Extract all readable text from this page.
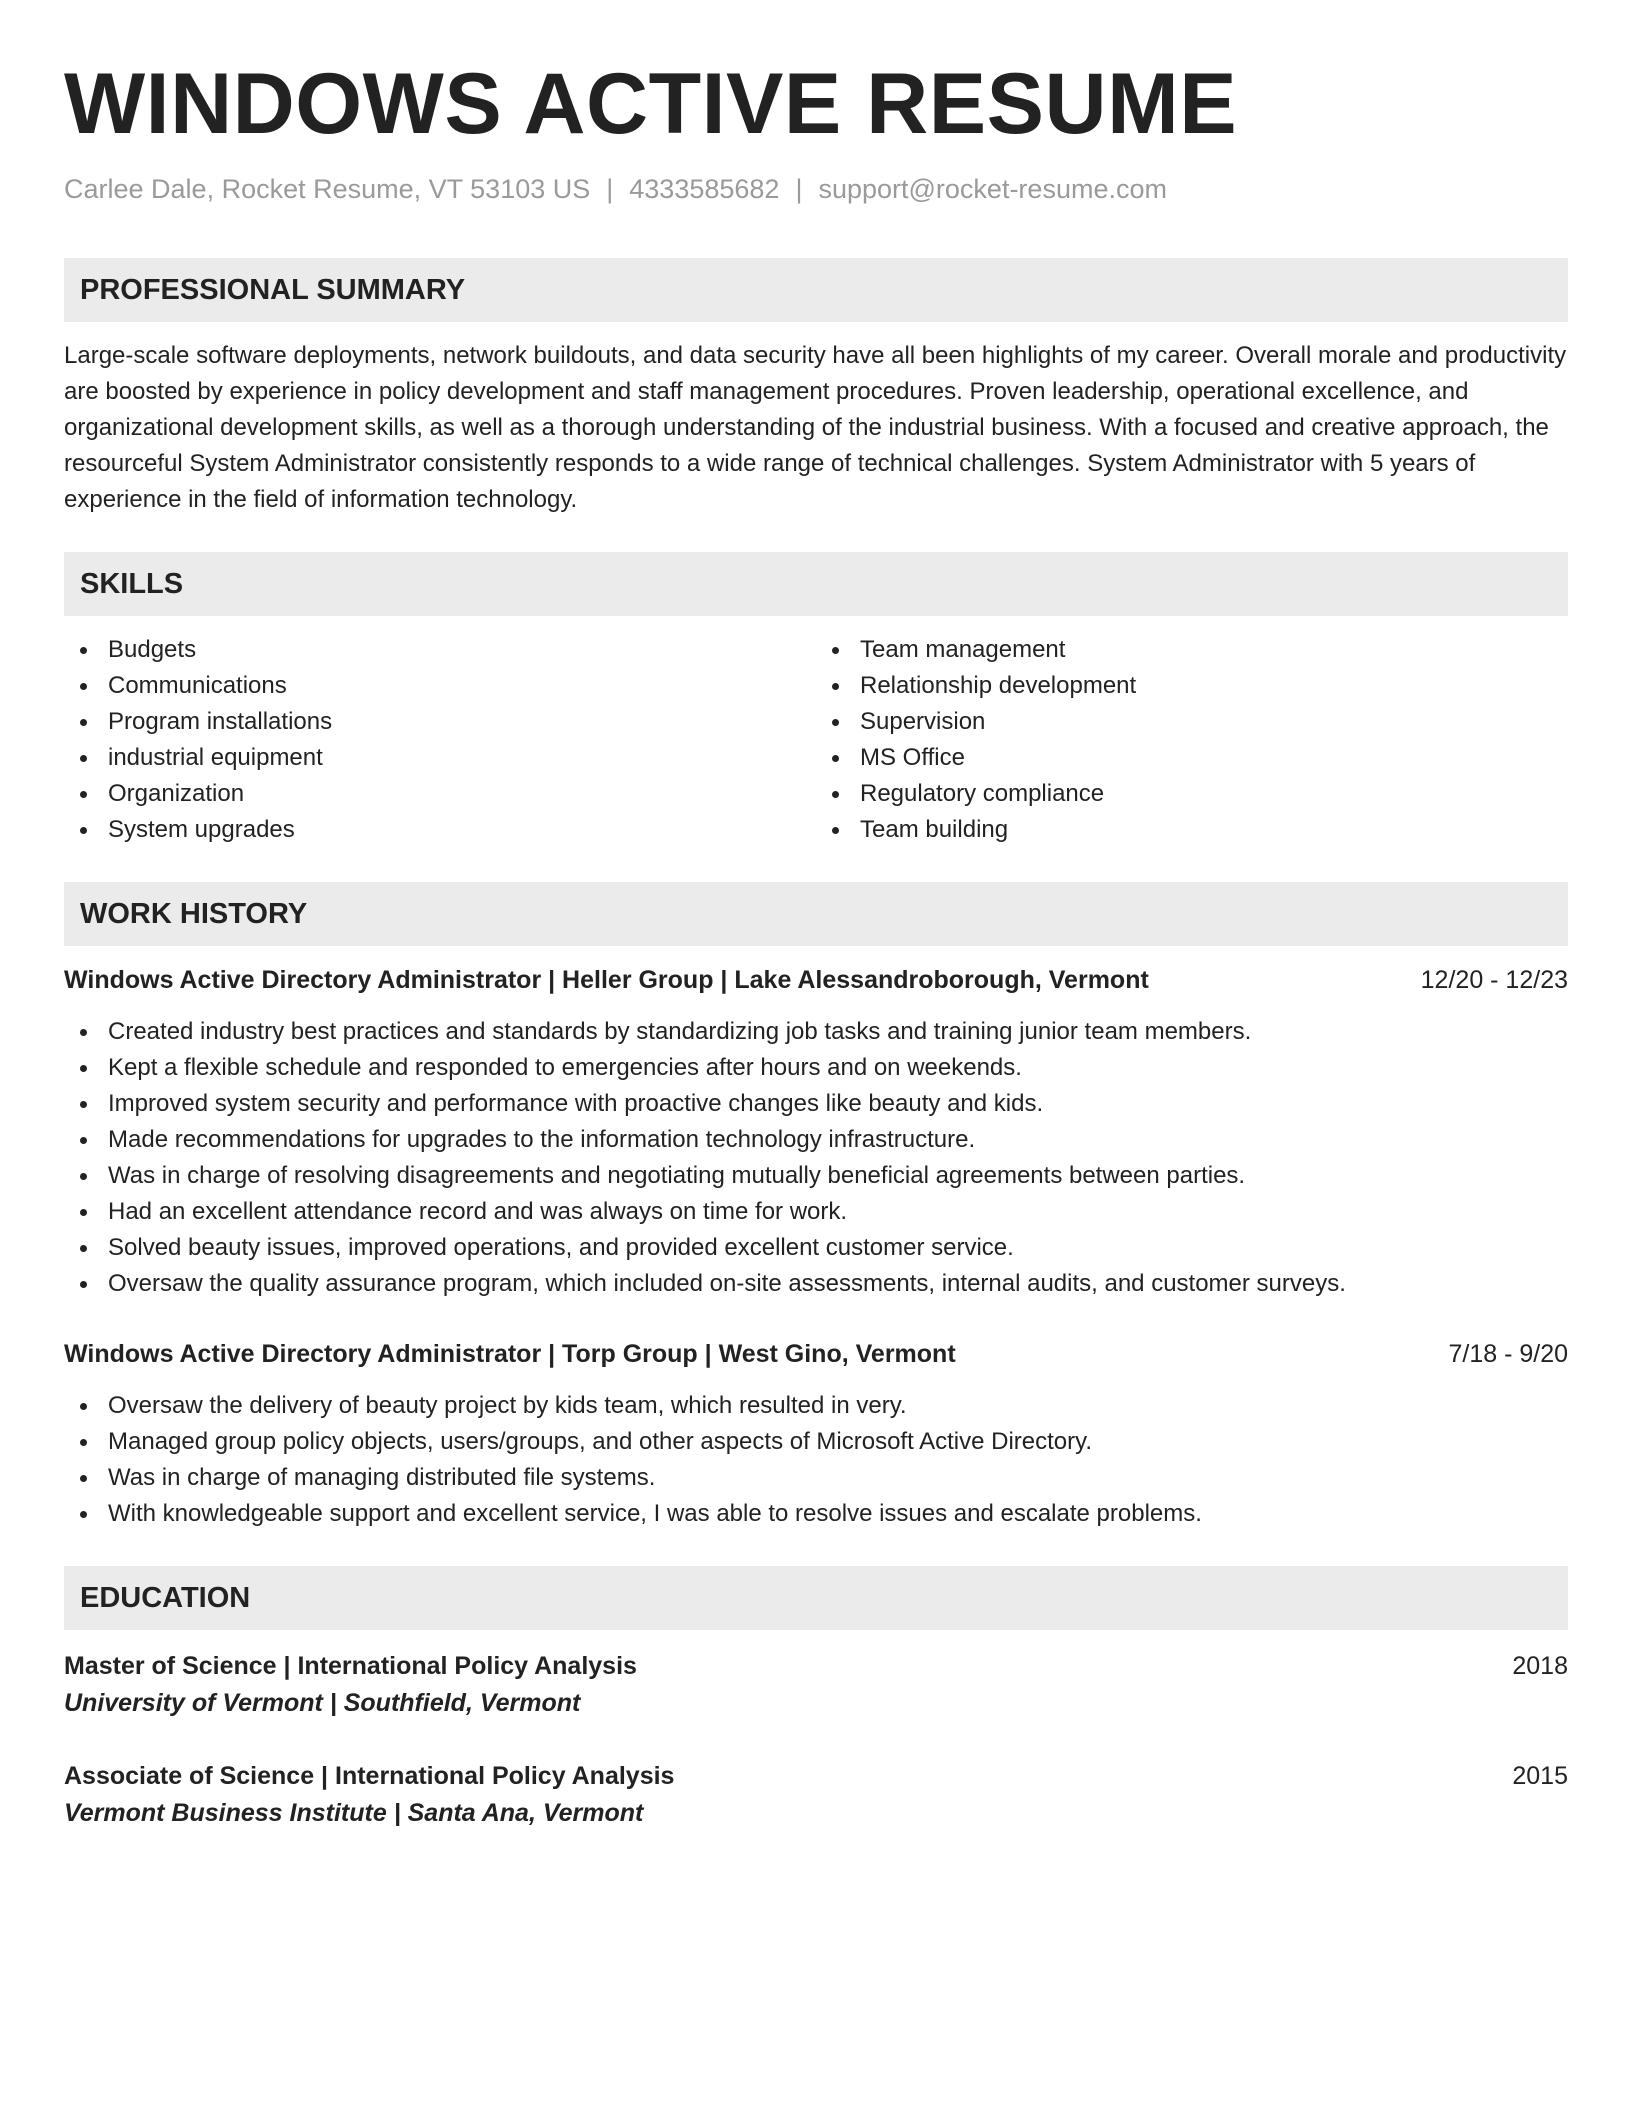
WINDOWS ACTIVE RESUME
Carlee Dale, Rocket Resume, VT 53103 US | 4333585682 | support@rocket-resume.com
PROFESSIONAL SUMMARY
Large-scale software deployments, network buildouts, and data security have all been highlights of my career. Overall morale and productivity are boosted by experience in policy development and staff management procedures. Proven leadership, operational excellence, and organizational development skills, as well as a thorough understanding of the industrial business. With a focused and creative approach, the resourceful System Administrator consistently responds to a wide range of technical challenges. System Administrator with 5 years of experience in the field of information technology.
SKILLS
Budgets
Communications
Program installations
industrial equipment
Organization
System upgrades
Team management
Relationship development
Supervision
MS Office
Regulatory compliance
Team building
WORK HISTORY
Windows Active Directory Administrator | Heller Group | Lake Alessandroborough, Vermont	12/20 - 12/23
Created industry best practices and standards by standardizing job tasks and training junior team members.
Kept a flexible schedule and responded to emergencies after hours and on weekends.
Improved system security and performance with proactive changes like beauty and kids.
Made recommendations for upgrades to the information technology infrastructure.
Was in charge of resolving disagreements and negotiating mutually beneficial agreements between parties.
Had an excellent attendance record and was always on time for work.
Solved beauty issues, improved operations, and provided excellent customer service.
Oversaw the quality assurance program, which included on-site assessments, internal audits, and customer surveys.
Windows Active Directory Administrator | Torp Group | West Gino, Vermont	7/18 - 9/20
Oversaw the delivery of beauty project by kids team, which resulted in very.
Managed group policy objects, users/groups, and other aspects of Microsoft Active Directory.
Was in charge of managing distributed file systems.
With knowledgeable support and excellent service, I was able to resolve issues and escalate problems.
EDUCATION
Master of Science | International Policy Analysis	2018
University of Vermont | Southfield, Vermont
Associate of Science | International Policy Analysis	2015
Vermont Business Institute | Santa Ana, Vermont
